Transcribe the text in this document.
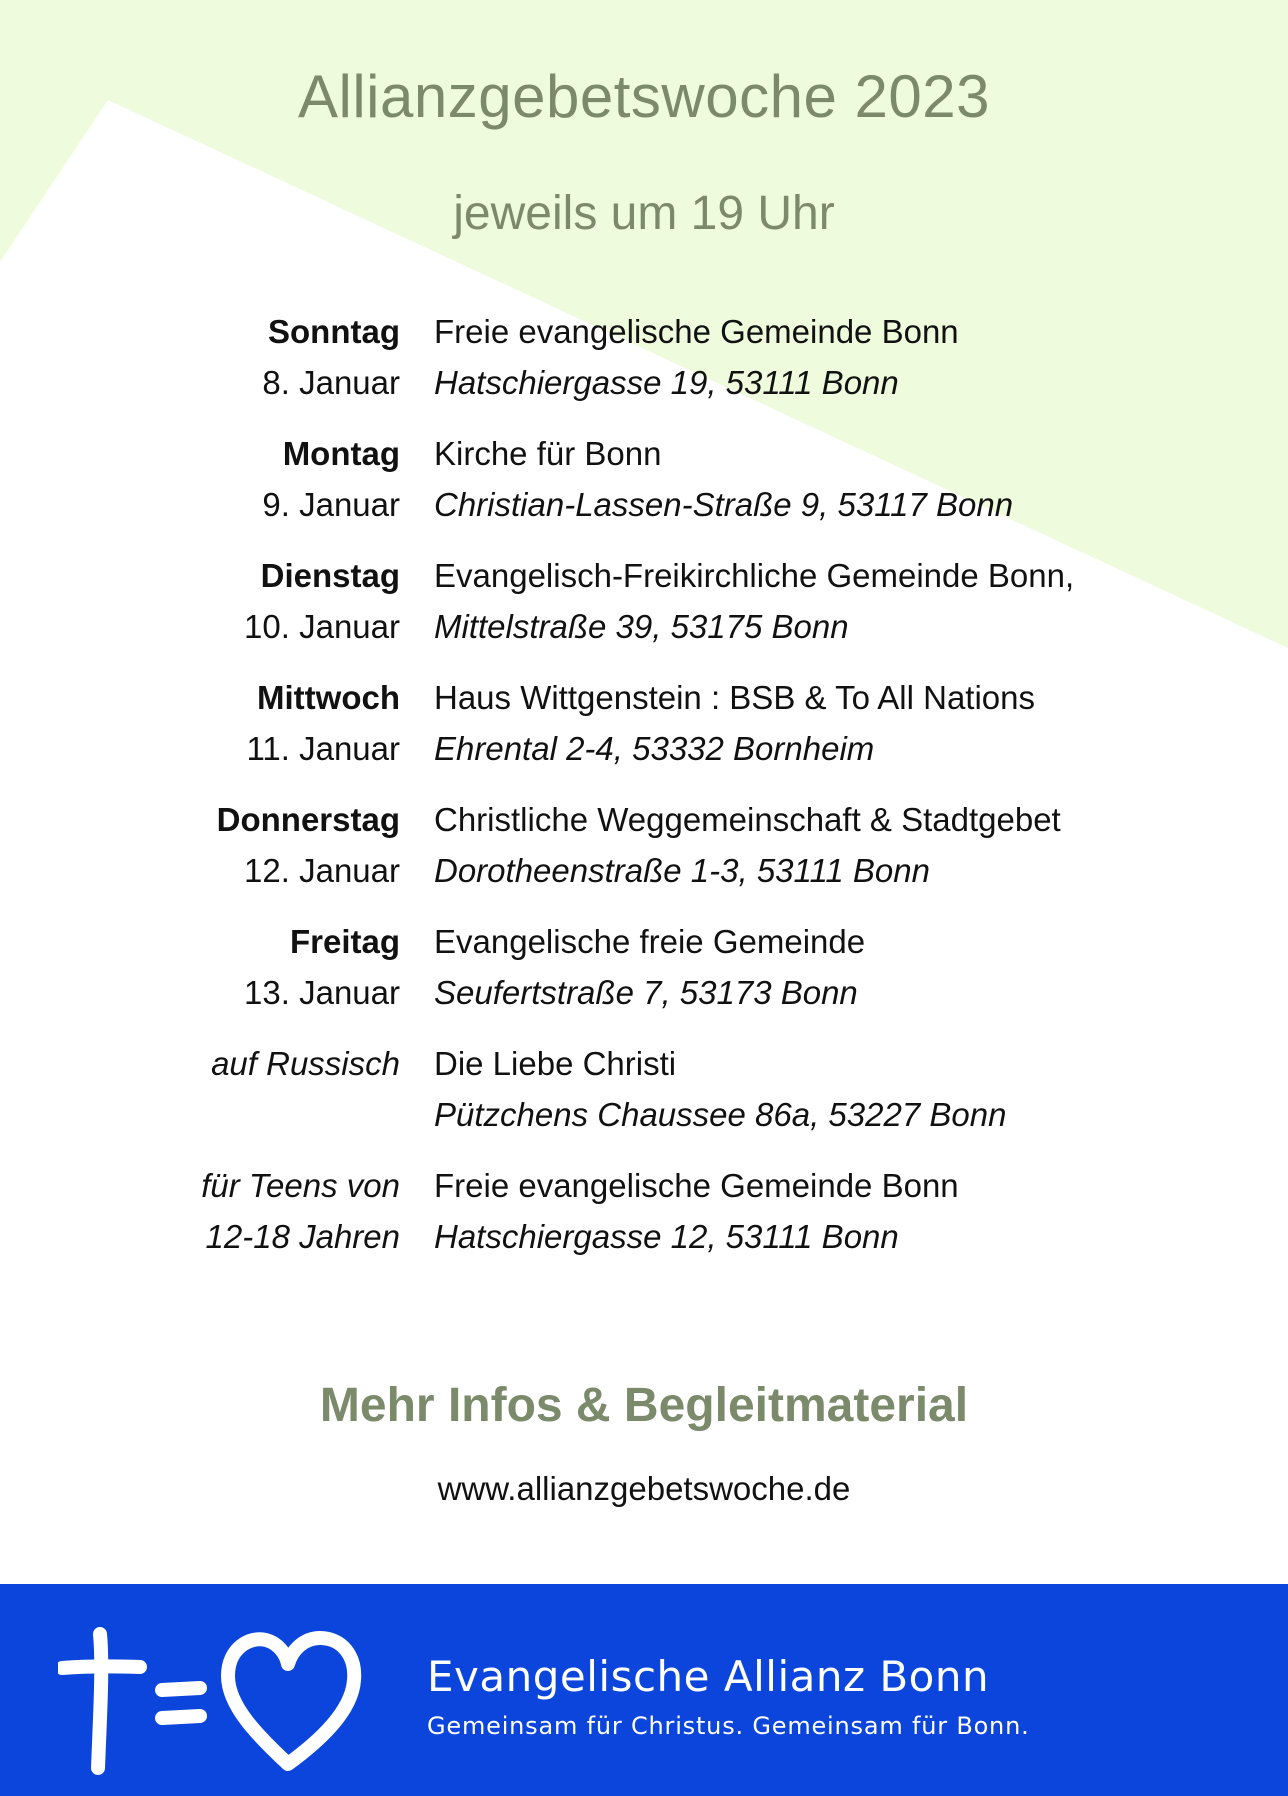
Allianzgebetswoche 2023
jeweils um 19 Uhr
Sonntag
8. Januar
Freie evangelische Gemeinde Bonn
Hatschiergasse 19, 53111 Bonn
Montag
9. Januar
Kirche für Bonn
Christian-Lassen-Straße 9, 53117 Bonn
Dienstag
10. Januar
Evangelisch-Freikirchliche Gemeinde Bonn,
Mittelstraße 39, 53175 Bonn
Mittwoch
11. Januar
Haus Wittgenstein : BSB & To All Nations
Ehrental 2-4, 53332 Bornheim
Donnerstag
12. Januar
Christliche Weggemeinschaft & Stadtgebet
Dorotheenstraße 1-3, 53111 Bonn
Freitag
13. Januar
Evangelische freie Gemeinde
Seufertstraße 7, 53173 Bonn
auf Russisch Die Liebe Christi
Pützchens Chaussee 86a, 53227 Bonn
für Teens von
12-18 Jahren
Freie evangelische Gemeinde Bonn
Hatschiergasse 12, 53111 Bonn
Mehr Infos & Begleitmaterial
www.allianzgebetswoche.de
Evangelische Allianz Bonn
Gemeinsam für Christus. Gemeinsam für Bonn.
